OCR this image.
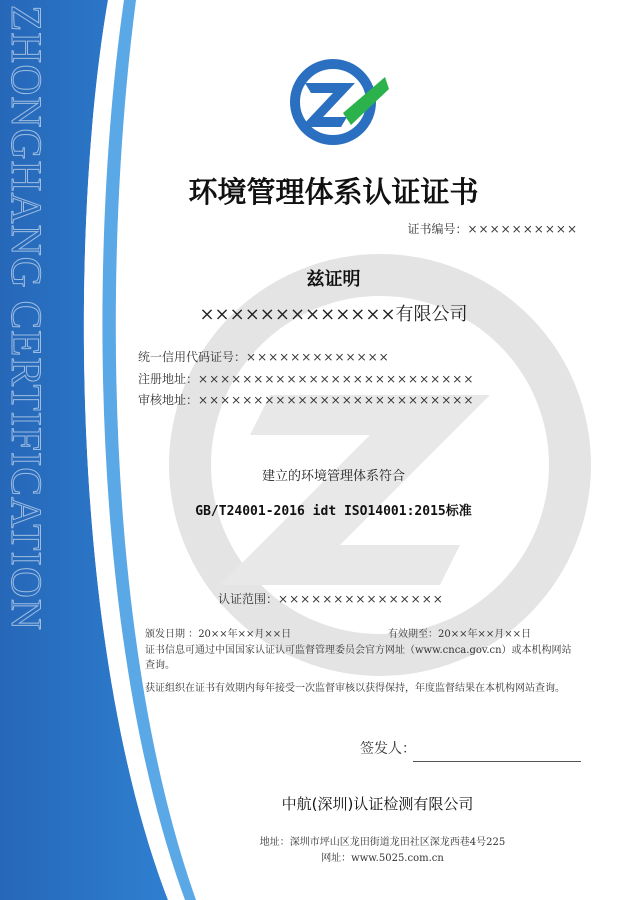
ZHONGHANG CERTIFICATION	环境管理体系认证证书
证书编号：××××××××××
兹证明
×××××××××××××有限公司
统一信用代码证号：×××××××××××××
注册地址：×××××××××××××××××××××××××
审核地址：×××××××××××××××××××××××××
建立的环境管理体系符合
GB/T24001-2016 idt ISO14001:2015标准
认证范围：×××××××××××××××
颁发日期 ：20××年××月××日	有效期至：20××年××月××日
证书信息可通过中国国家认证认可监督管理委员会官方网址（www.cnca.gov.cn）或本机构网站查询。
获证组织在证书有效期内每年接受一次监督审核以获得保持，年度监督结果在本机构网站查询。
签发人：
中航(深圳)认证检测有限公司
地址：深圳市坪山区龙田街道龙田社区深龙西巷4号225
网址：www.5025.com.cn
